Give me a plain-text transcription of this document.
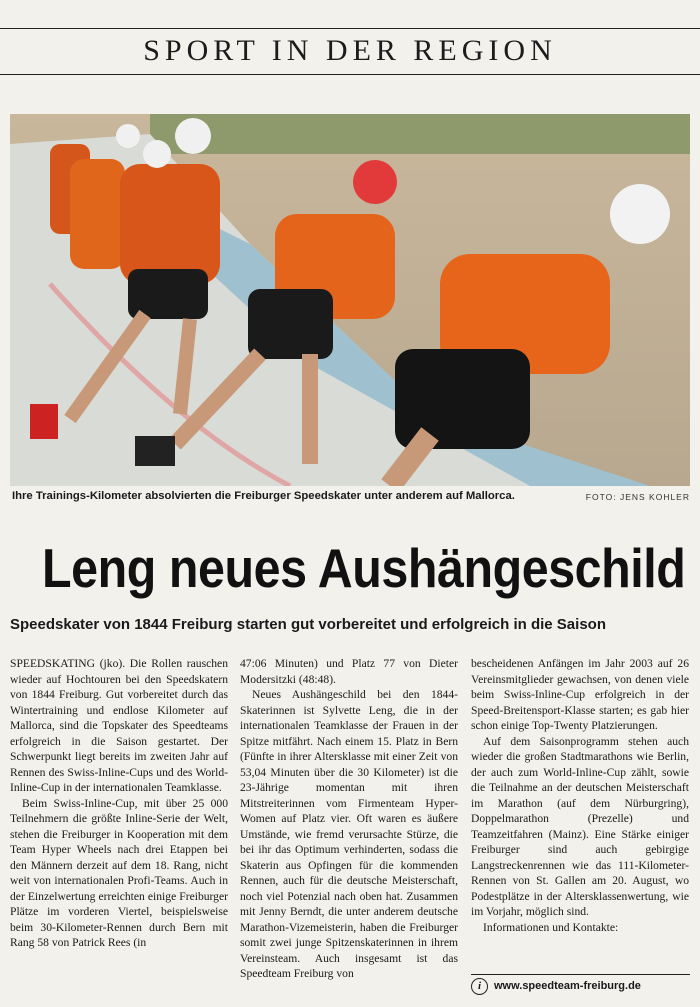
SPORT IN DER REGION
Ihre Trainings-Kilometer absolvierten die Freiburger Speedskater unter anderem auf Mallorca.	FOTO: JENS KOHLER
Leng neues Aushängeschild
Speedskater von 1844 Freiburg starten gut vorbereitet und erfolgreich in die Saison

SPEEDSKATING (jko). Die Rollen rauschen wieder auf Hochtouren bei den Speedskatern von 1844 Freiburg. Gut vorbereitet durch das Wintertraining und endlose Kilometer auf Mallorca, sind die Topskater des Speedteams erfolgreich in die Saison gestartet. Der Schwerpunkt liegt bereits im zweiten Jahr auf Rennen des Swiss-Inline-Cups und des World-Inline-Cup in der internationalen Teamklasse.

Beim Swiss-Inline-Cup, mit über 25 000 Teilnehmern die größte Inline-Serie der Welt, stehen die Freiburger in Kooperation mit dem Team Hyper Wheels nach drei Etappen bei den Männern derzeit auf dem 18. Rang, nicht weit von internationalen Profi-Teams. Auch in der Einzelwertung erreichten einige Freiburger Plätze im vorderen Viertel, beispielsweise beim 30-Kilometer-Rennen durch Bern mit Rang 58 von Patrick Rees (in

47:06 Minuten) und Platz 77 von Dieter Modersitzki (48:48).

Neues Aushängeschild bei den 1844-Skaterinnen ist Sylvette Leng, die in der internationalen Teamklasse der Frauen in der Spitze mitfährt. Nach einem 15. Platz in Bern (Fünfte in ihrer Altersklasse mit einer Zeit von 53,04 Minuten über die 30 Kilometer) ist die 23-Jährige momentan mit ihren Mitstreiterinnen vom Firmenteam Hyper-Women auf Platz vier. Oft waren es äußere Umstände, wie fremd verursachte Stürze, die bei ihr das Optimum verhinderten, sodass die Skaterin aus Opfingen für die kommenden Rennen, auch für die deutsche Meisterschaft, noch viel Potenzial nach oben hat. Zusammen mit Jenny Berndt, die unter anderem deutsche Marathon-Vizemeisterin, haben die Freiburger somit zwei junge Spitzenskaterinnen in ihrem Vereinsteam. Auch insgesamt ist das Speedteam Freiburg von

bescheidenen Anfängen im Jahr 2003 auf 26 Vereinsmitglieder gewachsen, von denen viele beim Swiss-Inline-Cup erfolgreich in der Speed-Breitensport-Klasse starten; es gab hier schon einige Top-Twenty Platzierungen.

Auf dem Saisonprogramm stehen auch wieder die großen Stadtmarathons wie Berlin, der auch zum World-Inline-Cup zählt, sowie die Teilnahme an der deutschen Meisterschaft im Marathon (auf dem Nürburgring), Doppelmarathon (Prezelle) und Teamzeitfahren (Mainz). Eine Stärke einiger Freiburger sind auch gebirgige Langstreckenrennen wie das 111-Kilometer-Rennen von St. Gallen am 20. August, wo Podestplätze in der Altersklassenwertung, wie im Vorjahr, möglich sind.

Informationen und Kontakte:

i	www.speedteam-freiburg.de
